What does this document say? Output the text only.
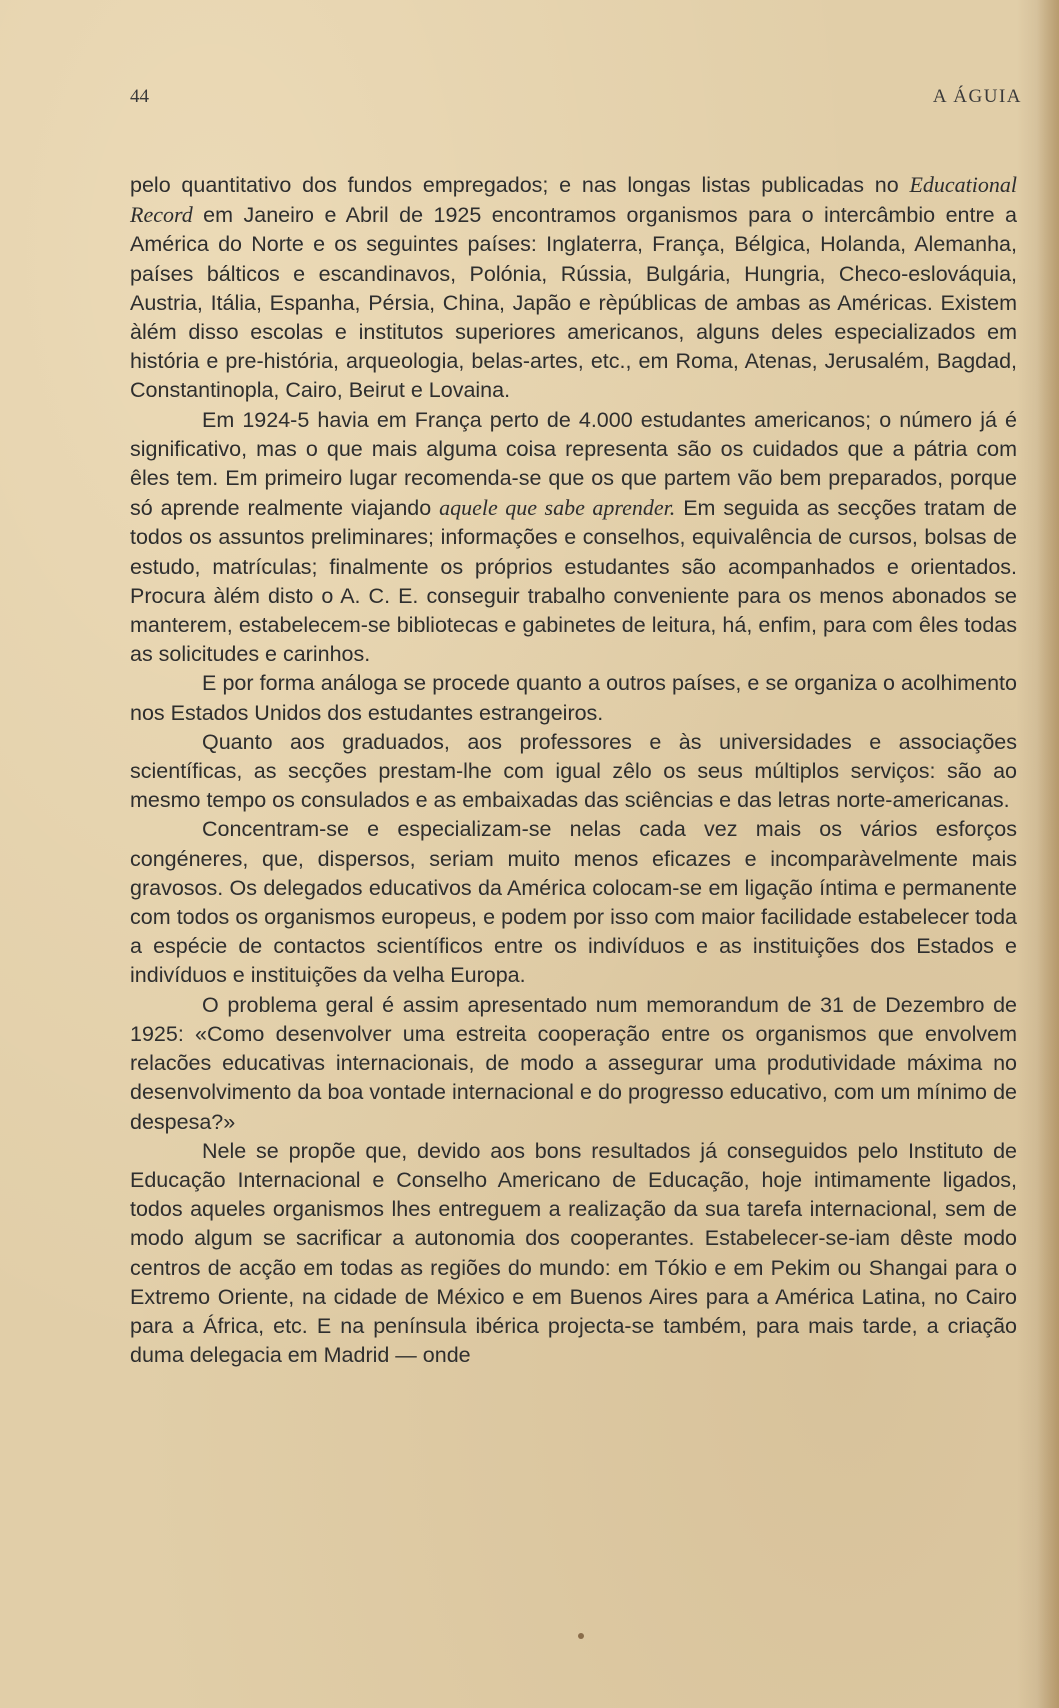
44	A ÁGUIA

pelo quantitativo dos fundos empregados; e nas longas listas publicadas no Educational Record em Janeiro e Abril de 1925 encontramos organismos para o intercâmbio entre a América do Norte e os seguintes países: Inglaterra, França, Bélgica, Holanda, Alemanha, países bálticos e escandinavos, Polónia, Rússia, Bulgária, Hungria, Checo-eslováquia, Austria, Itália, Espanha, Pérsia, China, Japão e rèpúblicas de ambas as Américas. Existem àlém disso escolas e institutos superiores americanos, alguns deles especializados em história e pre-história, arqueologia, belas-artes, etc., em Roma, Atenas, Jerusalém, Bagdad, Constantinopla, Cairo, Beirut e Lovaina.

Em 1924-5 havia em França perto de 4.000 estudantes americanos; o número já é significativo, mas o que mais alguma coisa representa são os cuidados que a pátria com êles tem. Em primeiro lugar recomenda-se que os que partem vão bem preparados, porque só aprende realmente viajando aquele que sabe aprender. Em seguida as secções tratam de todos os assuntos preliminares; informações e conselhos, equivalência de cursos, bolsas de estudo, matrículas; finalmente os próprios estudantes são acompanhados e orientados. Procura àlém disto o A. C. E. conseguir trabalho conveniente para os menos abonados se manterem, estabelecem-se bibliotecas e gabinetes de leitura, há, enfim, para com êles todas as solicitudes e carinhos.

E por forma análoga se procede quanto a outros países, e se organiza o acolhimento nos Estados Unidos dos estudantes estrangeiros.

Quanto aos graduados, aos professores e às universidades e associações scientíficas, as secções prestam-lhe com igual zêlo os seus múltiplos serviços: são ao mesmo tempo os consulados e as embaixadas das sciências e das letras norte-americanas.

Concentram-se e especializam-se nelas cada vez mais os vários esforços congéneres, que, dispersos, seriam muito menos eficazes e incomparàvelmente mais gravosos. Os delegados educativos da América colocam-se em ligação íntima e permanente com todos os organismos europeus, e podem por isso com maior facilidade estabelecer toda a espécie de contactos scientíficos entre os indivíduos e as instituições dos Estados e indivíduos e instituições da velha Europa.

O problema geral é assim apresentado num memorandum de 31 de Dezembro de 1925: «Como desenvolver uma estreita cooperação entre os organismos que envolvem relacões educativas internacionais, de modo a assegurar uma produtividade máxima no desenvolvimento da boa vontade internacional e do progresso educativo, com um mínimo de despesa?»

Nele se propõe que, devido aos bons resultados já conseguidos pelo Instituto de Educação Internacional e Conselho Americano de Educação, hoje intimamente ligados, todos aqueles organismos lhes entreguem a realização da sua tarefa internacional, sem de modo algum se sacrificar a autonomia dos cooperantes. Estabelecer-se-iam dêste modo centros de acção em todas as regiões do mundo: em Tókio e em Pekim ou Shangai para o Extremo Oriente, na cidade de México e em Buenos Aires para a América Latina, no Cairo para a África, etc. E na península ibérica projecta-se também, para mais tarde, a criação duma delegacia em Madrid — onde
